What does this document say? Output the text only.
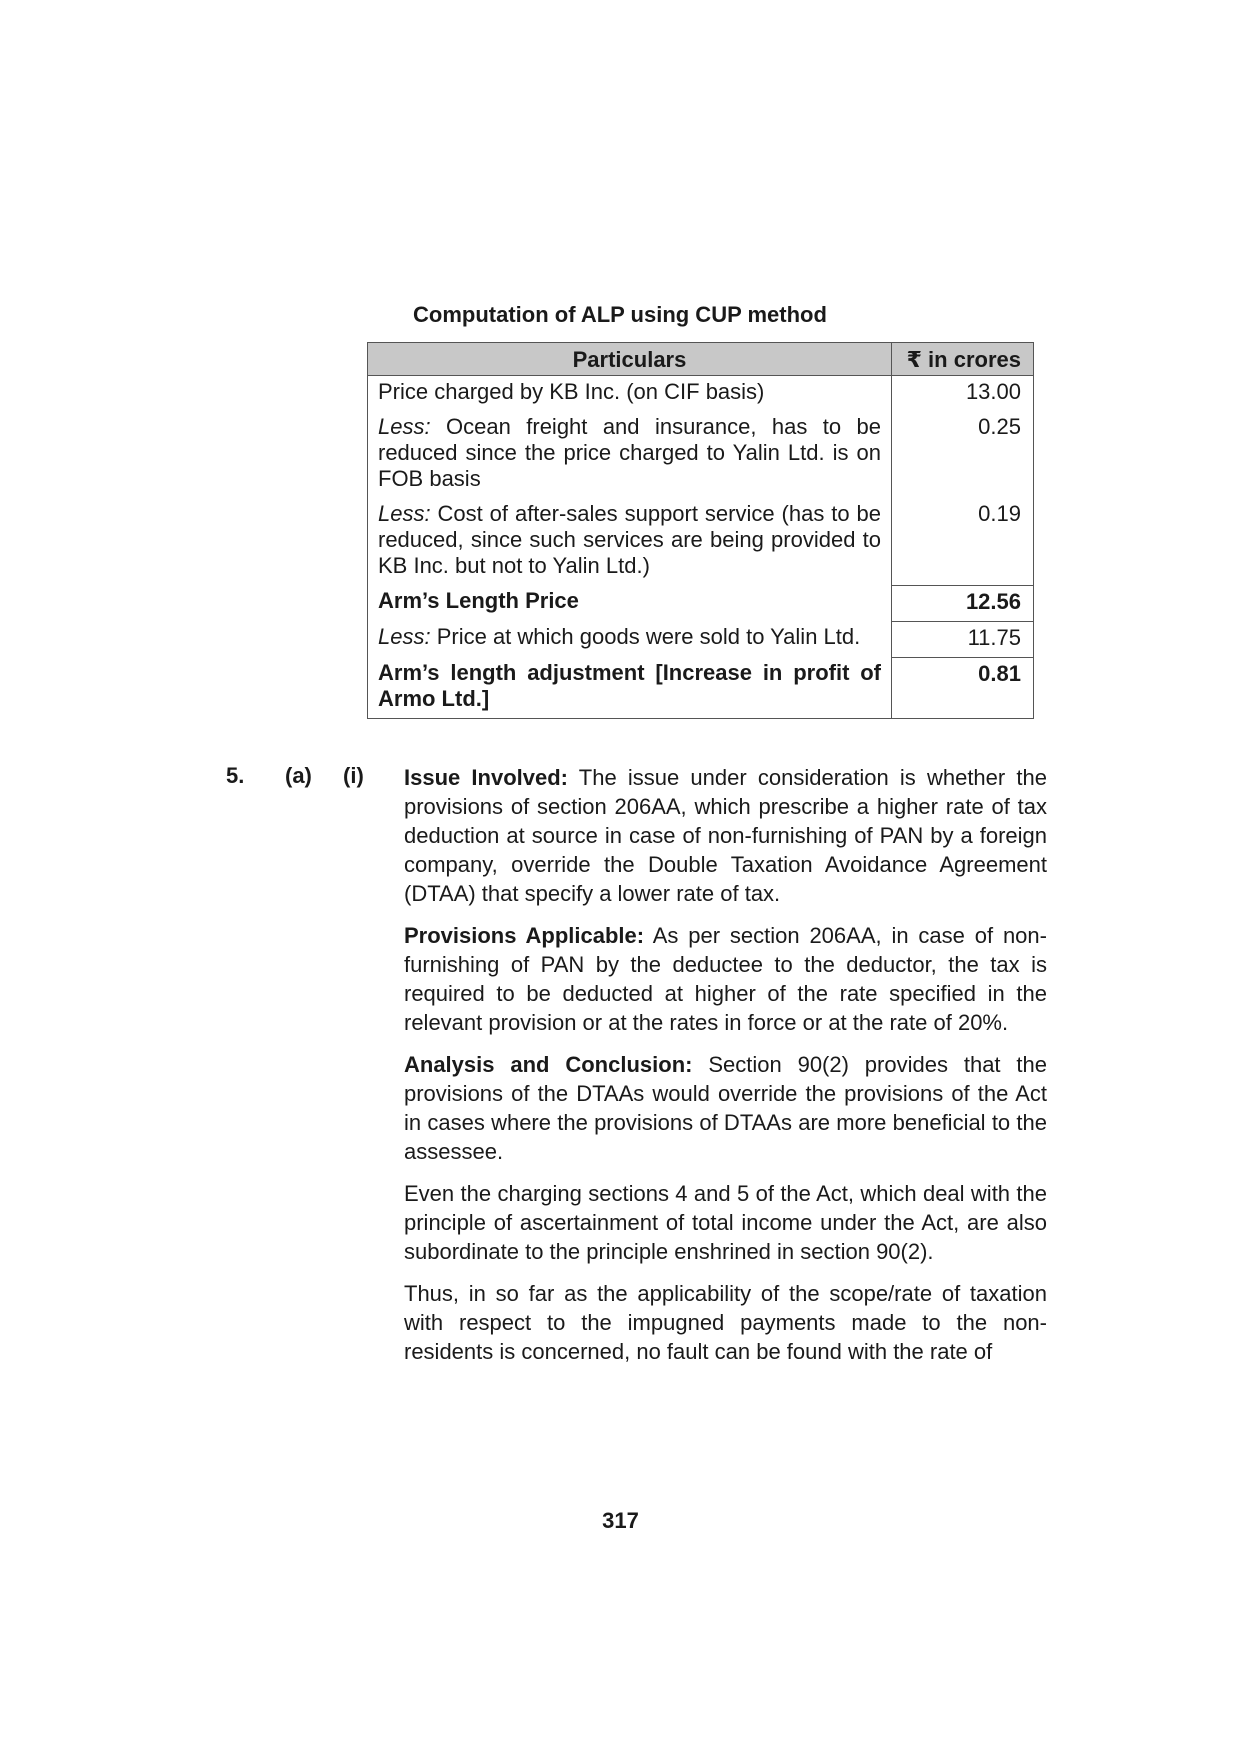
Computation of ALP using CUP method
Particulars	₹ in crores
Price charged by KB Inc. (on CIF basis)	13.00
Less: Ocean freight and insurance, has to be reduced since the price charged to Yalin Ltd. is on FOB basis	0.25
Less: Cost of after-sales support service (has to be reduced, since such services are being provided to KB Inc. but not to Yalin Ltd.)	0.19
Arm’s Length Price	12.56
Less: Price at which goods were sold to Yalin Ltd.	11.75
Arm’s length adjustment [Increase in profit of Armo Ltd.]	0.81
5. (a) (i) Issue Involved: The issue under consideration is whether the provisions of section 206AA, which prescribe a higher rate of tax deduction at source in case of non-furnishing of PAN by a foreign company, override the Double Taxation Avoidance Agreement (DTAA) that specify a lower rate of tax.

Provisions Applicable: As per section 206AA, in case of non-furnishing of PAN by the deductee to the deductor, the tax is required to be deducted at higher of the rate specified in the relevant provision or at the rates in force or at the rate of 20%.

Analysis and Conclusion: Section 90(2) provides that the provisions of the DTAAs would override the provisions of the Act in cases where the provisions of DTAAs are more beneficial to the assessee.

Even the charging sections 4 and 5 of the Act, which deal with the principle of ascertainment of total income under the Act, are also subordinate to the principle enshrined in section 90(2).

Thus, in so far as the applicability of the scope/rate of taxation with respect to the impugned payments made to the non-residents is concerned, no fault can be found with the rate of

317
